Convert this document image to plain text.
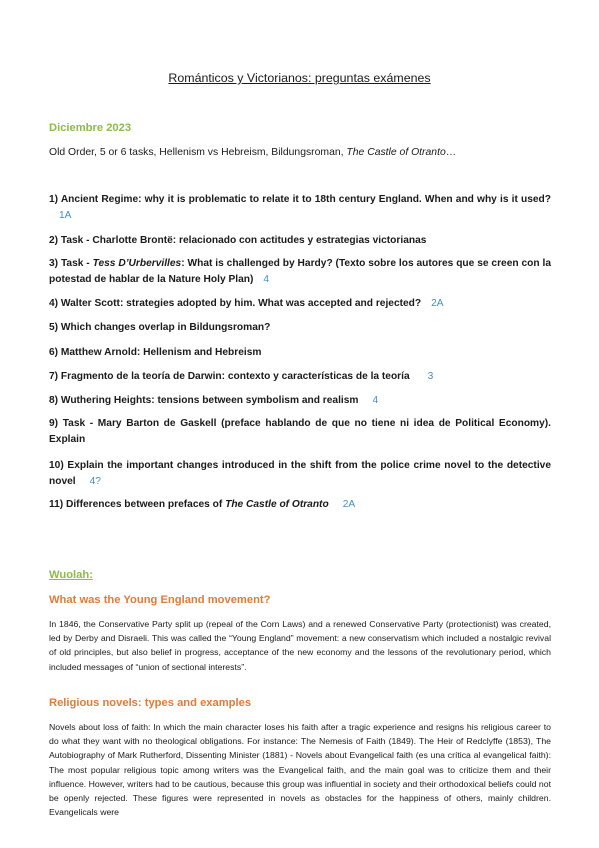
Románticos y Victorianos: preguntas exámenes
Diciembre 2023
Old Order, 5 or 6 tasks, Hellenism vs Hebreism, Bildungsroman, The Castle of Otranto…
1) Ancient Regime: why it is problematic to relate it to 18th century England. When and why is it used?1A
2) Task - Charlotte Brontë: relacionado con actitudes y estrategias victorianas
3) Task - Tess D’Urbervilles: What is challenged by Hardy? (Texto sobre los autores que se creen con la potestad de hablar de la Nature Holy Plan) 4
4) Walter Scott: strategies adopted by him. What was accepted and rejected? 2A
5) Which changes overlap in Bildungsroman?
6) Matthew Arnold: Hellenism and Hebreism
7) Fragmento de la teoría de Darwin: contexto y características de la teoría 3
8) Wuthering Heights: tensions between symbolism and realism 4
9) Task - Mary Barton de Gaskell (preface hablando de que no tiene ni idea de Political Economy). Explain
10) Explain the important changes introduced in the shift from the police crime novel to the detective novel 4?
11) Differences between prefaces of The Castle of Otranto 2A
Wuolah:
What was the Young England movement?
In 1846, the Conservative Party split up (repeal of the Corn Laws) and a renewed Conservative Party (protectionist) was created, led by Derby and Disraeli. This was called the “Young England” movement: a new conservatism which included a nostalgic revival of old principles, but also belief in progress, acceptance of the new economy and the lessons of the revolutionary period, which included messages of “union of sectional interests”.
Religious novels: types and examples
Novels about loss of faith: In which the main character loses his faith after a tragic experience and resigns his religious career to do what they want with no theological obligations. For instance: The Nemesis of Faith (1849). The Heir of Redclyffe (1853), The Autobiography of Mark Rutherford, Dissenting Minister (1881) - Novels about Evangelical faith (es una crítica al evangelical faith): The most popular religious topic among writers was the Evangelical faith, and the main goal was to criticize them and their influence. However, writers had to be cautious, because this group was influential in society and their orthodoxical beliefs could not be openly rejected. These figures were represented in novels as obstacles for the happiness of others, mainly children. Evangelicals were
